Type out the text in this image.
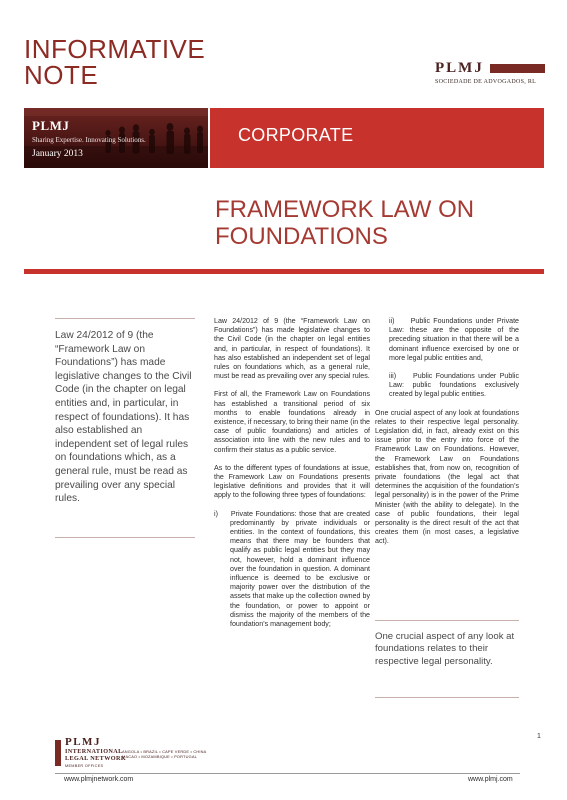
INFORMATIVE
NOTE	PLMJ
SOCIEDADE DE ADVOGADOS, RL
PLMJ
Sharing Expertise. Innovating Solutions.
January 2013
CORPORATE
FRAMEWORK LAW ON
FOUNDATIONS
Law 24/2012 of 9 (the “Framework Law on Foundations”) has made legislative changes to the Civil Code (in the chapter on legal entities and, in particular, in respect of foundations). It has also established an independent set of legal rules on foundations which, as a general rule, must be read as prevailing over any special rules.

Law 24/2012 of 9 (the “Framework Law on Foundations”) has made legislative changes to the Civil Code (in the chapter on legal entities and, in particular, in respect of foundations). It has also established an independent set of legal rules on foundations which, as a general rule, must be read as prevailing over any special rules.

First of all, the Framework Law on Foundations has established a transitional period of six months to enable foundations already in existence, if necessary, to bring their name (in the case of public foundations) and articles of association into line with the new rules and to confirm their status as a public service.

As to the different types of foundations at issue, the Framework Law on Foundations presents legislative definitions and provides that it will apply to the following three types of foundations:

i)     Private Foundations: those that are created predominantly by private individuals or entities. In the context of foundations, this means that there may be founders that qualify as public legal entities but they may not, however, hold a dominant influence over the foundation in question. A dominant influence is deemed to be exclusive or majority power over the distribution of the assets that make up the collection owned by the foundation, or power to appoint or dismiss the majority of the members of the foundation’s management body;

ii)     Public Foundations under Private Law: these are the opposite of the preceding situation in that there will be a dominant influence exercised by one or more legal public entities and,

iii)     Public Foundations under Public Law: public foundations exclusively created by legal public entities.

One crucial aspect of any look at foundations relates to their respective legal personality. Legislation did, in fact, already exist on this issue prior to the entry into force of the Framework Law on Foundations. However, the Framework Law on Foundations establishes that, from now on, recognition of private foundations (the legal act that determines the acquisition of the foundation’s legal personality) is in the power of the Prime Minister (with the ability to delegate). In the case of public foundations, their legal personality is the direct result of the act that creates them (in most cases, a legislative act).

One crucial aspect of any look at foundations relates to their respective legal personality.
1
PLMJ
INTERNATIONAL
LEGAL NETWORK
MEMBER OFFICES
ANGOLA • BRAZIL • CAPE VERDE • CHINA
MACAO • MOZAMBIQUE • PORTUGAL
www.plmjnetwork.com	www.plmj.com
